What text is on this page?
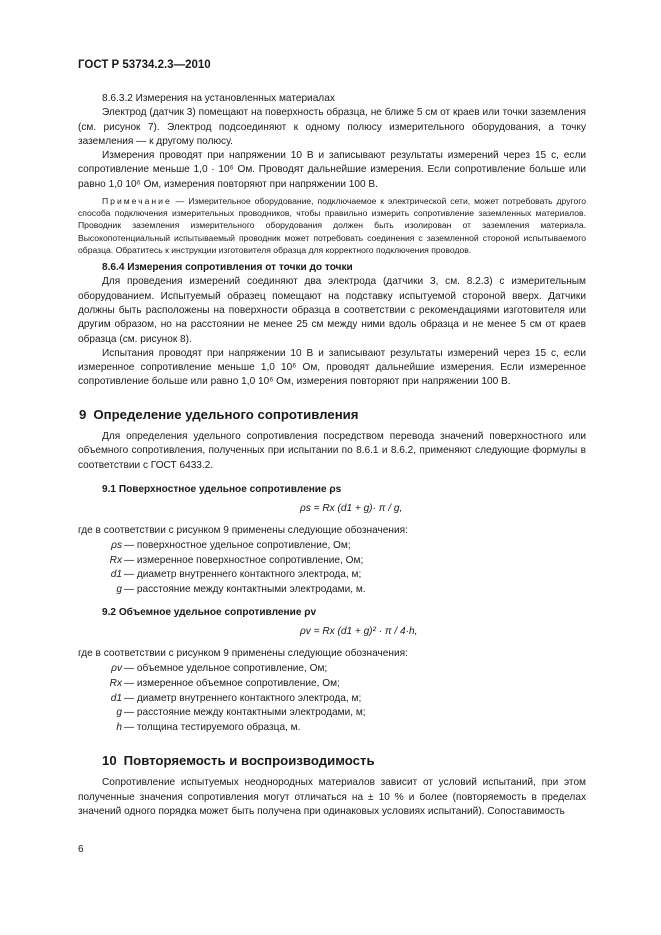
ГОСТ Р 53734.2.3—2010

8.6.3.2 Измерения на установленных материалах

Электрод (датчик 3) помещают на поверхность образца, не ближе 5 см от краев или точки заземления (см. рисунок 7). Электрод подсоединяют к одному полюсу измерительного оборудования, а точку заземления — к другому полюсу.

Измерения проводят при напряжении 10 В и записывают результаты измерений через 15 с, если сопротивление меньше 1,0 · 10⁶ Ом. Проводят дальнейшие измерения. Если сопротивление больше или равно 1,0 10⁶ Ом, измерения повторяют при напряжении 100 В.

Примечание — Измерительное оборудование, подключаемое к электрической сети, может потребовать другого способа подключения измерительных проводников, чтобы правильно измерить сопротивление заземленных материалов. Проводник заземления измерительного оборудования должен быть изолирован от заземления материала. Высокопотенциальный испытываемый проводник может потребовать соединения с заземленной стороной испытываемого образца. Обратитесь к инструкции изготовителя образца для корректного подключения проводов.

8.6.4 Измерения сопротивления от точки до точки

Для проведения измерений соединяют два электрода (датчики 3, см. 8.2.3) с измерительным оборудованием. Испытуемый образец помещают на подставку испытуемой стороной вверх. Датчики должны быть расположены на поверхности образца в соответствии с рекомендациями изготовителя или другим образом, но на расстоянии не менее 25 см между ними вдоль образца и не менее 5 см от краев образца (см. рисунок 8).

Испытания проводят при напряжении 10 В и записывают результаты измерений через 15 с, если измеренное сопротивление меньше 1,0 10⁶ Ом, проводят дальнейшие измерения. Если измеренное сопротивление больше или равно 1,0 10⁶ Ом, измерения повторяют при напряжении 100 В.

9 Определение удельного сопротивления

Для определения удельного сопротивления посредством перевода значений поверхностного или объемного сопротивления, полученных при испытании по 8.6.1 и 8.6.2, применяют следующие формулы в соответствии с ГОСТ 6433.2.

9.1 Поверхностное удельное сопротивление ρs

ρs = Rx (d1 + g)· π / g,

где в соответствии с рисунком 9 применены следующие обозначения:

ρs — поверхностное удельное сопротивление, Ом;
Rx — измеренное поверхностное сопротивление, Ом;
d1 — диаметр внутреннего контактного электрода, м;
g — расстояние между контактными электродами, м.

9.2 Объемное удельное сопротивление ρv

ρv = Rx (d1 + g)² · π / 4·h,

где в соответствии с рисунком 9 применены следующие обозначения:

ρv — объемное удельное сопротивление, Ом;
Rx — измеренное объемное сопротивление, Ом;
d1 — диаметр внутреннего контактного электрода, м;
g — расстояние между контактными электродами, м;
h — толщина тестируемого образца, м.
10 Повторяемость и воспроизводимость

Сопротивление испытуемых неоднородных материалов зависит от условий испытаний, при этом полученные значения сопротивления могут отличаться на ± 10 % и более (повторяемость в пределах значений одного порядка может быть получена при одинаковых условиях испытаний). Сопоставимость

6
